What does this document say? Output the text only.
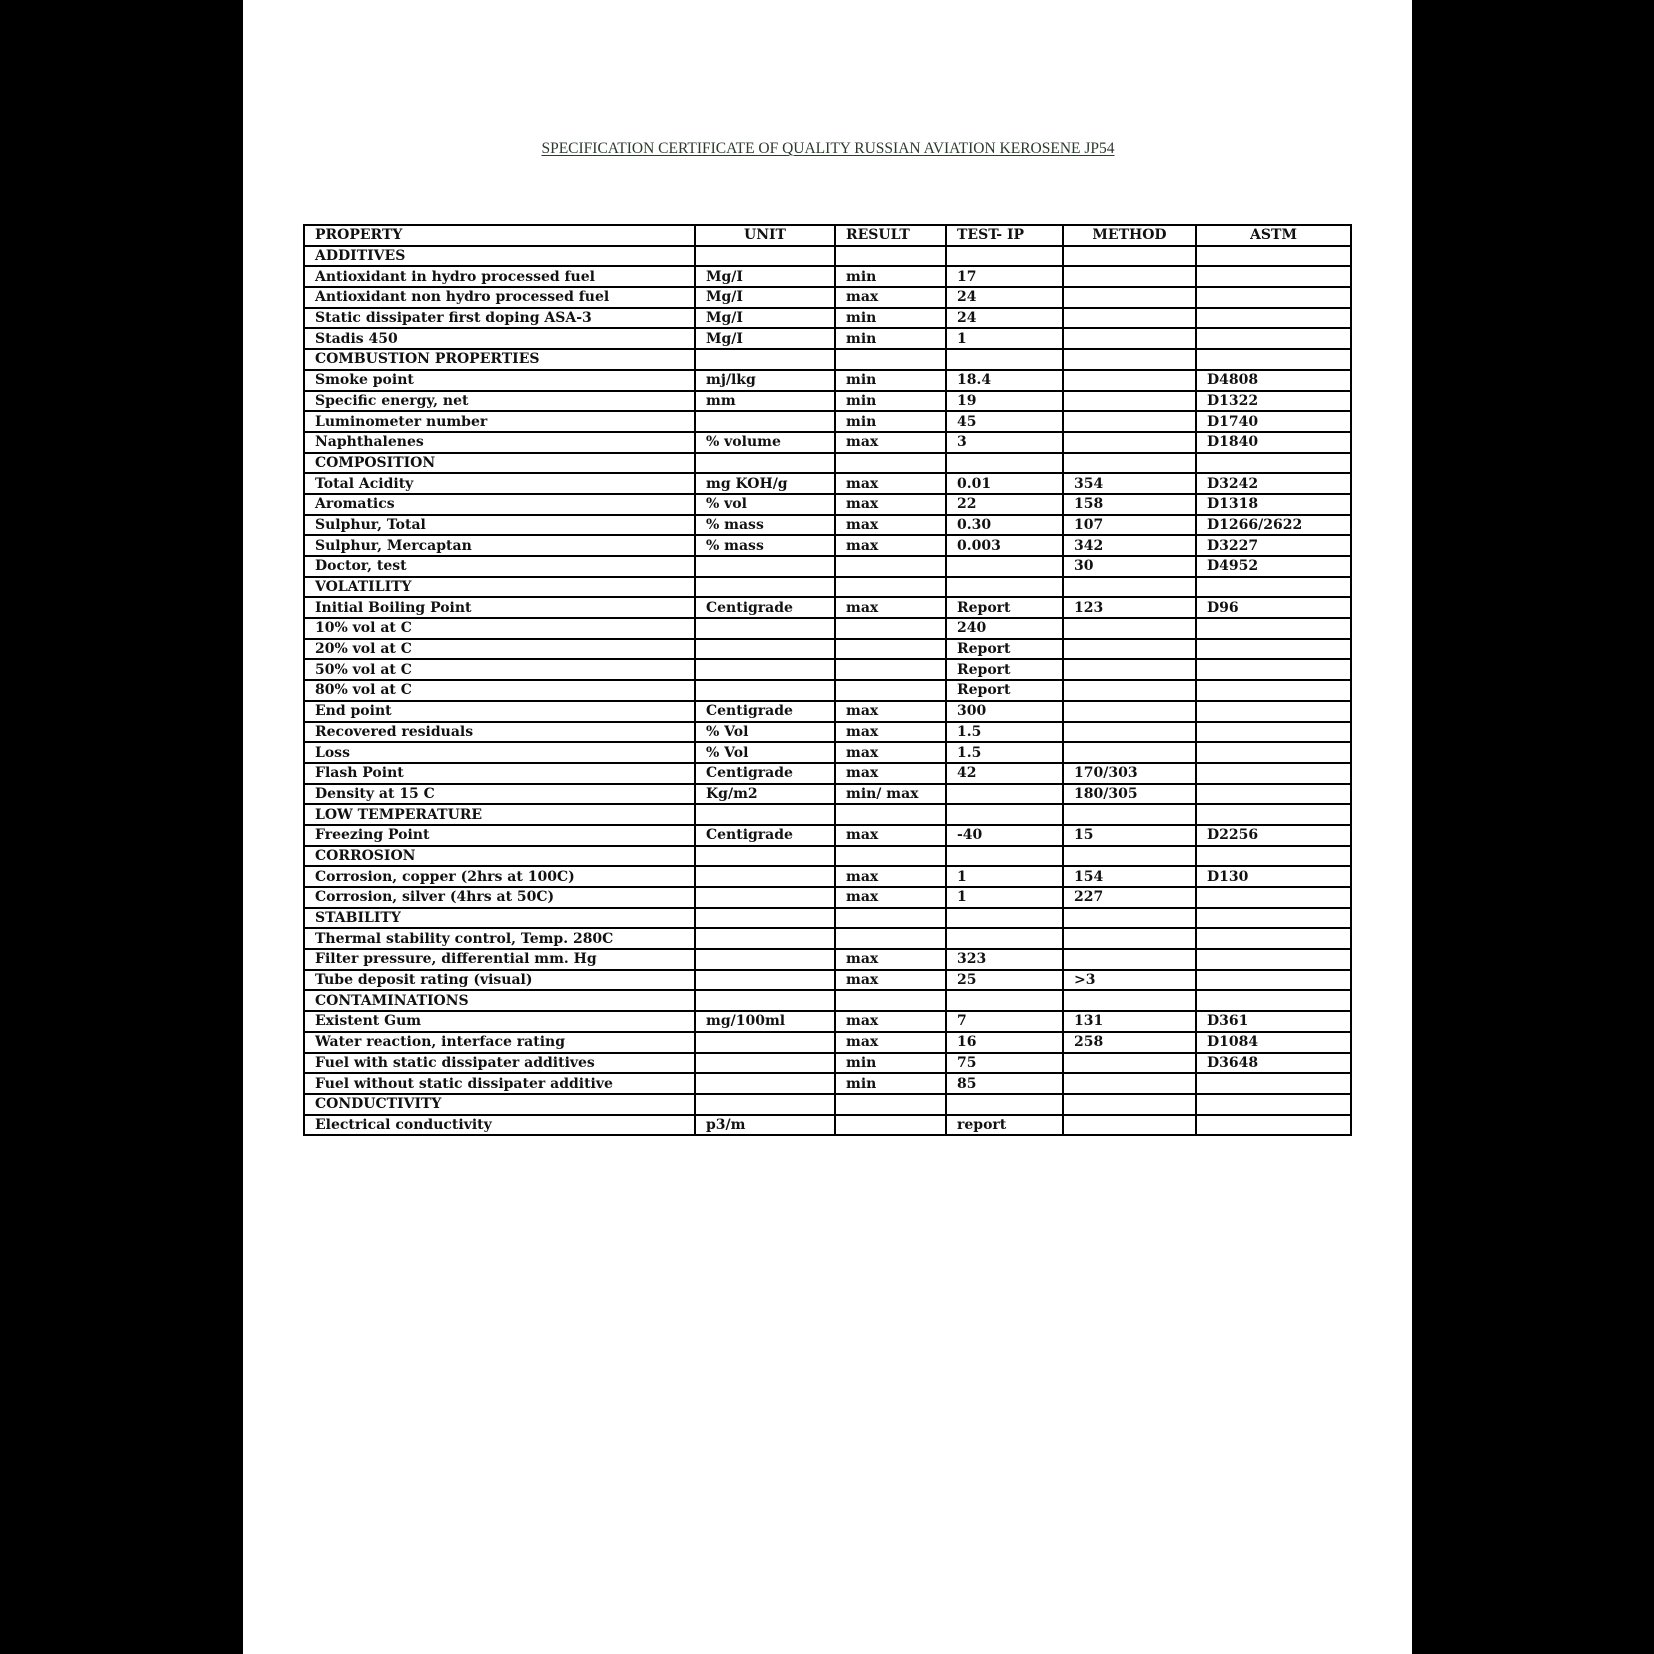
SPECIFICATION CERTIFICATE OF QUALITY RUSSIAN AVIATION KEROSENE JP54

PROPERTY	UNIT	RESULT	TEST- IP	METHOD	ASTM
ADDITIVES					
Antioxidant in hydro processed fuel	Mg/I	min	17		
Antioxidant non hydro processed fuel	Mg/I	max	24		
Static dissipater first doping ASA-3	Mg/I	min	24		
Stadis 450	Mg/I	min	1		
COMBUSTION PROPERTIES					
Smoke point	mj/lkg	min	18.4		D4808
Specific energy, net	mm	min	19		D1322
Luminometer number		min	45		D1740
Naphthalenes	% volume	max	3		D1840
COMPOSITION					
Total Acidity	mg KOH/g	max	0.01	354	D3242
Aromatics	% vol	max	22	158	D1318
Sulphur, Total	% mass	max	0.30	107	D1266/2622
Sulphur, Mercaptan	% mass	max	0.003	342	D3227
Doctor, test				30	D4952
VOLATILITY					
Initial Boiling Point	Centigrade	max	Report	123	D96
10% vol at C			240		
20% vol at C			Report		
50% vol at C			Report		
80% vol at C			Report		
End point	Centigrade	max	300		
Recovered residuals	% Vol	max	1.5		
Loss	% Vol	max	1.5		
Flash Point	Centigrade	max	42	170/303	
Density at 15 C	Kg/m2	min/ max		180/305	
LOW TEMPERATURE					
Freezing Point	Centigrade	max	-40	15	D2256
CORROSION					
Corrosion, copper (2hrs at 100C)		max	1	154	D130
Corrosion, silver (4hrs at 50C)		max	1	227	
STABILITY					
Thermal stability control, Temp. 280C					
Filter pressure, differential mm. Hg		max	323		
Tube deposit rating (visual)		max	25	>3	
CONTAMINATIONS					
Existent Gum	mg/100ml	max	7	131	D361
Water reaction, interface rating		max	16	258	D1084
Fuel with static dissipater additives		min	75		D3648
Fuel without static dissipater additive		min	85		
CONDUCTIVITY					
Electrical conductivity	p3/m		report		
